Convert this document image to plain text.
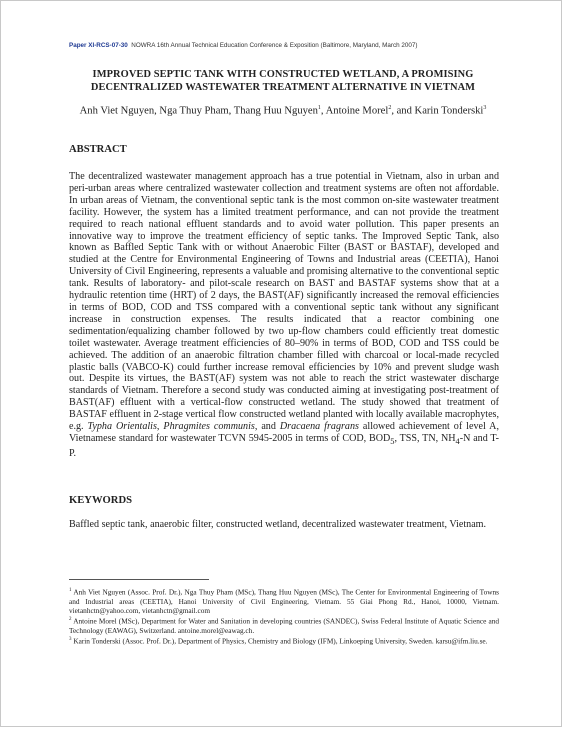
Paper XI-RCS-07-30 NOWRA 16th Annual Technical Education Conference & Exposition (Baltimore, Maryland, March 2007)
IMPROVED SEPTIC TANK WITH CONSTRUCTED WETLAND, A PROMISING
DECENTRALIZED WASTEWATER TREATMENT ALTERNATIVE IN VIETNAM
Anh Viet Nguyen, Nga Thuy Pham, Thang Huu Nguyen$^1$, Antoine Morel$^2$, and Karin Tonderski$^3$
ABSTRACT

The decentralized wastewater management approach has a true potential in Vietnam, also in urban and peri-urban areas where centralized wastewater collection and treatment systems are often not affordable. In urban areas of Vietnam, the conventional septic tank is the most common on-site wastewater treatment facility. However, the system has a limited treatment performance, and can not provide the treatment required to reach national effluent standards and to avoid water pollution. This paper presents an innovative way to improve the treatment efficiency of septic tanks. The Improved Septic Tank, also known as Baffled Septic Tank with or without Anaerobic Filter (BAST or BASTAF), developed and studied at the Centre for Environmental Engineering of Towns and Industrial areas (CEETIA), Hanoi University of Civil Engineering, represents a valuable and promising alternative to the conventional septic tank. Results of laboratory- and pilot-scale research on BAST and BASTAF systems show that at a hydraulic retention time (HRT) of 2 days, the BAST(AF) significantly increased the removal efficiencies in terms of BOD, COD and TSS compared with a conventional septic tank without any significant increase in construction expenses. The results indicated that a reactor combining one sedimentation/equalizing chamber followed by two up-flow chambers could efficiently treat domestic toilet wastewater. Average treatment efficiencies of 80–90% in terms of BOD, COD and TSS could be achieved. The addition of an anaerobic filtration chamber filled with charcoal or local-made recycled plastic balls (VABCO-K) could further increase removal efficiencies by 10% and prevent sludge wash out. Despite its virtues, the BAST(AF) system was not able to reach the strict wastewater discharge standards of Vietnam. Therefore a second study was conducted aiming at investigating post-treatment of BAST(AF) effluent with a vertical-flow constructed wetland. The study showed that treatment of BASTAF effluent in 2-stage vertical flow constructed wetland planted with locally available macrophytes, e.g. Typha Orientalis, Phragmites communis, and Dracaena fragrans allowed achievement of level A, Vietnamese standard for wastewater TCVN 5945-2005 in terms of COD, $BOD_5$, TSS, TN, $NH_4-N$ and T-P.

KEYWORDS

Baffled septic tank, anaerobic filter, constructed wetland, decentralized wastewater treatment, Vietnam.

$^1$ Anh Viet Nguyen (Assoc. Prof. Dr.), Nga Thuy Pham (MSc), Thang Huu Nguyen (MSc), The Center for Environmental Engineering of Towns and Industrial areas (CEETIA), Hanoi University of Civil Engineering, Vietnam. 55 Giai Phong Rd., Hanoi, 10000, Vietnam. vietanhctn@yahoo.com, vietanhctn@gmail.com

$^2$ Antoine Morel (MSc), Department for Water and Sanitation in developing countries (SANDEC), Swiss Federal Institute of Aquatic Science and Technology (EAWAG), Switzerland. antoine.morel@eawag.ch.

$^3$ Karin Tonderski (Assoc. Prof. Dr.), Department of Physics, Chemistry and Biology (IFM), Linkoeping University, Sweden. karsu@ifm.liu.se.
